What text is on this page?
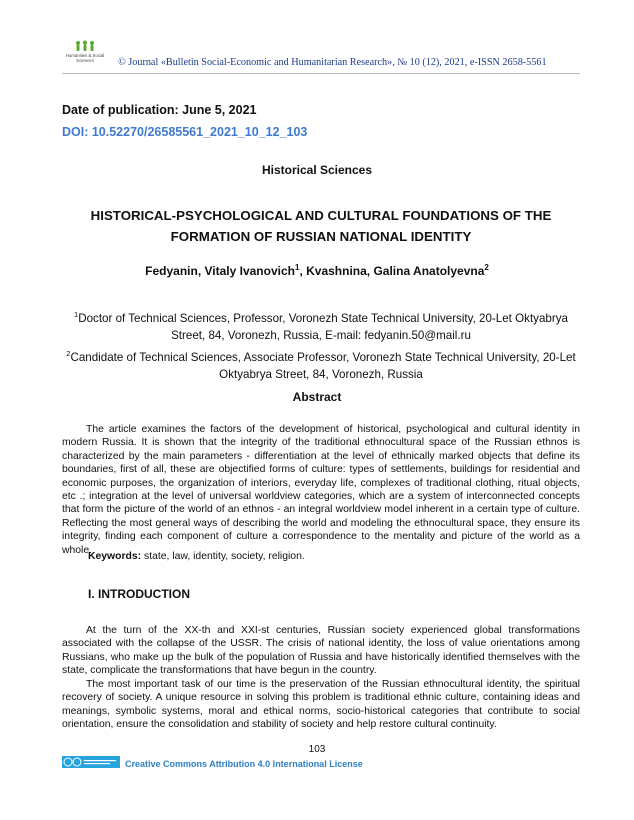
Humanities & Social
Sciences © Journal «Bulletin Social-Economic and Humanitarian Research», № 10 (12), 2021, e-ISSN 2658-5561
Date of publication: June 5, 2021
DOI: 10.52270/26585561_2021_10_12_103
Historical Sciences
HISTORICAL-PSYCHOLOGICAL AND CULTURAL FOUNDATIONS OF THE
FORMATION OF RUSSIAN NATIONAL IDENTITY
Fedyanin, Vitaly Ivanovich$^1$, Kvashnina, Galina Anatolyevna$^2$
$^1$Doctor of Technical Sciences, Professor, Voronezh State Technical University, 20-Let Oktyabrya
Street, 84, Voronezh, Russia, E-mail: fedyanin.50@mail.ru
$^2$Candidate of Technical Sciences, Associate Professor, Voronezh State Technical University, 20-Let
Oktyabrya Street, 84, Voronezh, Russia
Abstract

The article examines the factors of the development of historical, psychological and cultural identity in modern Russia. It is shown that the integrity of the traditional ethnocultural space of the Russian ethnos is characterized by the main parameters - differentiation at the level of ethnically marked objects that define its boundaries, first of all, these are objectified forms of culture: types of settlements, buildings for residential and economic purposes, the organization of interiors, everyday life, complexes of traditional clothing, ritual objects, etc .; integration at the level of universal worldview categories, which are a system of interconnected concepts that form the picture of the world of an ethnos - an integral worldview model inherent in a certain type of culture. Reflecting the most general ways of describing the world and modeling the ethnocultural space, they ensure its integrity, finding each component of culture a correspondence to the mentality and picture of the world as a whole.

Keywords: state, law, identity, society, religion.
I. INTRODUCTION

At the turn of the XX-th and XXI-st centuries, Russian society experienced global transformations associated with the collapse of the USSR. The crisis of national identity, the loss of value orientations among Russians, who make up the bulk of the population of Russia and have historically identified themselves with the state, complicate the transformations that have begun in the country.

The most important task of our time is the preservation of the Russian ethnocultural identity, the spiritual recovery of society. A unique resource in solving this problem is traditional ethnic culture, containing ideas and meanings, symbolic systems, moral and ethical norms, socio-historical categories that contribute to social orientation, ensure the consolidation and stability of society and help restore cultural continuity.

103
Creative Commons Attribution 4.0 International License
